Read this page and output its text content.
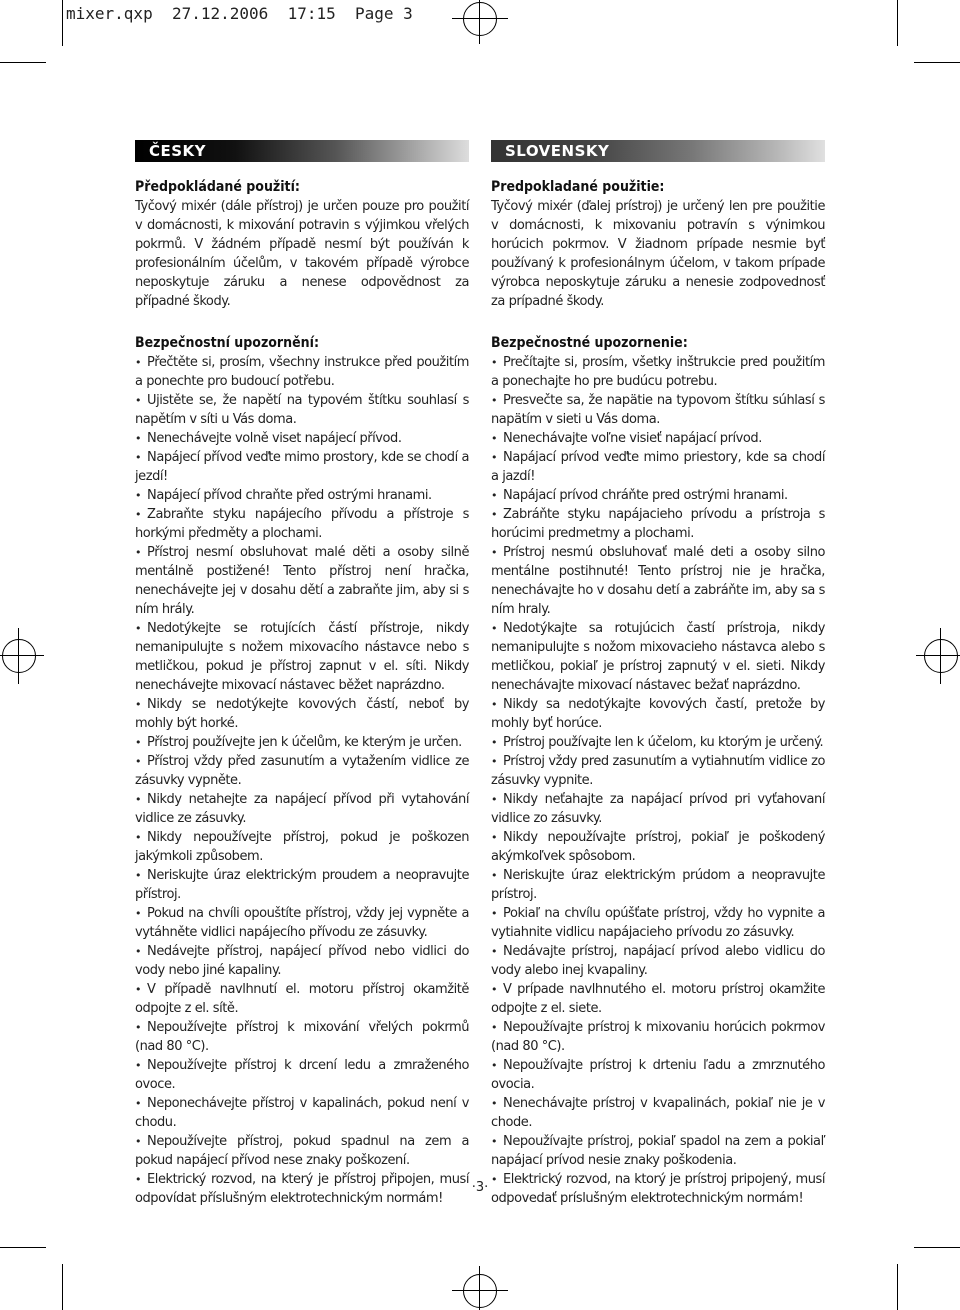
mixer.qxp 27.12.2006 17:15 Page 3
ČESKY
Předpokládané použití:

Tyčový mixér (dále přístroj) je určen pouze pro použití v domácnosti, k mixování potravin s výjimkou vřelých pokrmů. V žádném případě nesmí být používán k profesionálním účelům, v takovém případě výrobce neposkytuje záruku a nenese odpovědnost za případné škody.

Bezpečnostní upozornění:
• Přečtěte si, prosím, všechny instrukce před použitím a ponechte pro budoucí potřebu.
• Ujistěte se, že napětí na typovém štítku souhlasí s napětím v síti u Vás doma.
• Nenechávejte volně viset napájecí přívod.
• Napájecí přívod veďte mimo prostory, kde se chodí a jezdí!
• Napájecí přívod chraňte před ostrými hranami.
• Zabraňte styku napájecího přívodu a přístroje s horkými předměty a plochami.
• Přístroj nesmí obsluhovat malé děti a osoby silně mentálně postižené! Tento přístroj není hračka, nenechávejte jej v dosahu dětí a zabraňte jim, aby si s ním hrály.
• Nedotýkejte se rotujících částí přístroje, nikdy nemanipulujte s nožem mixovacího nástavce nebo s metličkou, pokud je přístroj zapnut v el. síti. Nikdy nenechávejte mixovací nástavec běžet naprázdno.
• Nikdy se nedotýkejte kovových částí, neboť by mohly být horké.
• Přístroj používejte jen k účelům, ke kterým je určen.
• Přístroj vždy před zasunutím a vytažením vidlice ze zásuvky vypněte.
• Nikdy netahejte za napájecí přívod při vytahování vidlice ze zásuvky.
• Nikdy nepoužívejte přístroj, pokud je poškozen jakýmkoli způsobem.
• Neriskujte úraz elektrickým proudem a neopravujte přístroj.
• Pokud na chvíli opouštíte přístroj, vždy jej vypněte a vytáhněte vidlici napájecího přívodu ze zásuvky.
• Nedávejte přístroj, napájecí přívod nebo vidlici do vody nebo jiné kapaliny.
• V případě navlhnutí el. motoru přístroj okamžitě odpojte z el. sítě.
• Nepoužívejte přístroj k mixování vřelých pokrmů (nad 80 °C).
• Nepoužívejte přístroj k drcení ledu a zmraženého ovoce.
• Neponechávejte přístroj v kapalinách, pokud není v chodu.
• Nepoužívejte přístroj, pokud spadnul na zem a pokud napájecí přívod nese znaky poškození.
• Elektrický rozvod, na který je přístroj připojen, musí odpovídat příslušným elektrotechnickým normám!
SLOVENSKY
Predpokladané použitie:

Tyčový mixér (ďalej prístroj) je určený len pre použitie v domácnosti, k mixovaniu potravín s výnimkou horúcich pokrmov. V žiadnom prípade nesmie byť používaný k profesionálnym účelom, v takom prípade výrobca neposkytuje záruku a nenesie zodpovednosť za prípadné škody.

Bezpečnostné upozornenie:
• Prečítajte si, prosím, všetky inštrukcie pred použitím a ponechajte ho pre budúcu potrebu.
• Presvečte sa, že napätie na typovom štítku súhlasí s napätím v sieti u Vás doma.
• Nenechávajte voľne visieť napájací prívod.
• Napájací prívod veďte mimo priestory, kde sa chodí a jazdí!
• Napájací prívod chráňte pred ostrými hranami.
• Zabráňte styku napájacieho prívodu a prístroja s horúcimi predmetmy a plochami.
• Prístroj nesmú obsluhovať malé deti a osoby silno mentálne postihnuté! Tento prístroj nie je hračka, nenechávajte ho v dosahu detí a zabráňte im, aby sa s ním hraly.
• Nedotýkajte sa rotujúcich častí prístroja, nikdy nemanipulujte s nožom mixovacieho nástavca alebo s metličkou, pokiaľ je prístroj zapnutý v el. sieti. Nikdy nenechávajte mixovací nástavec bežať naprázdno.
• Nikdy sa nedotýkajte kovových častí, pretože by mohly byť horúce.
• Prístroj používajte len k účelom, ku ktorým je určený.
• Prístroj vždy pred zasunutím a vytiahnutím vidlice zo zásuvky vypnite.
• Nikdy neťahajte za napájací prívod pri vyťahovaní vidlice zo zásuvky.
• Nikdy nepoužívajte prístroj, pokiaľ je poškodený akýmkoľvek spôsobom.
• Neriskujte úraz elektrickým prúdom a neopravujte prístroj.
• Pokiaľ na chvílu opúšťate prístroj, vždy ho vypnite a vytiahnite vidlicu napájacieho prívodu zo zásuvky.
• Nedávajte prístroj, napájací prívod alebo vidlicu do vody alebo inej kvapaliny.
• V prípade navlhnutého el. motoru prístroj okamžite odpojte z el. siete.
• Nepoužívajte prístroj k mixovaniu horúcich pokrmov (nad 80 °C).
• Nepoužívajte prístroj k drteniu ľadu a zmrznutého ovocia.
• Nenechávajte prístroj v kvapalinách, pokiaľ nie je v chode.
• Nepoužívajte prístroj, pokiaľ spadol na zem a pokiaľ napájací prívod nesie znaky poškodenia.
• Elektrický rozvod, na ktorý je prístroj pripojený, musí odpovedať príslušným elektrotechnickým normám!
·3·
